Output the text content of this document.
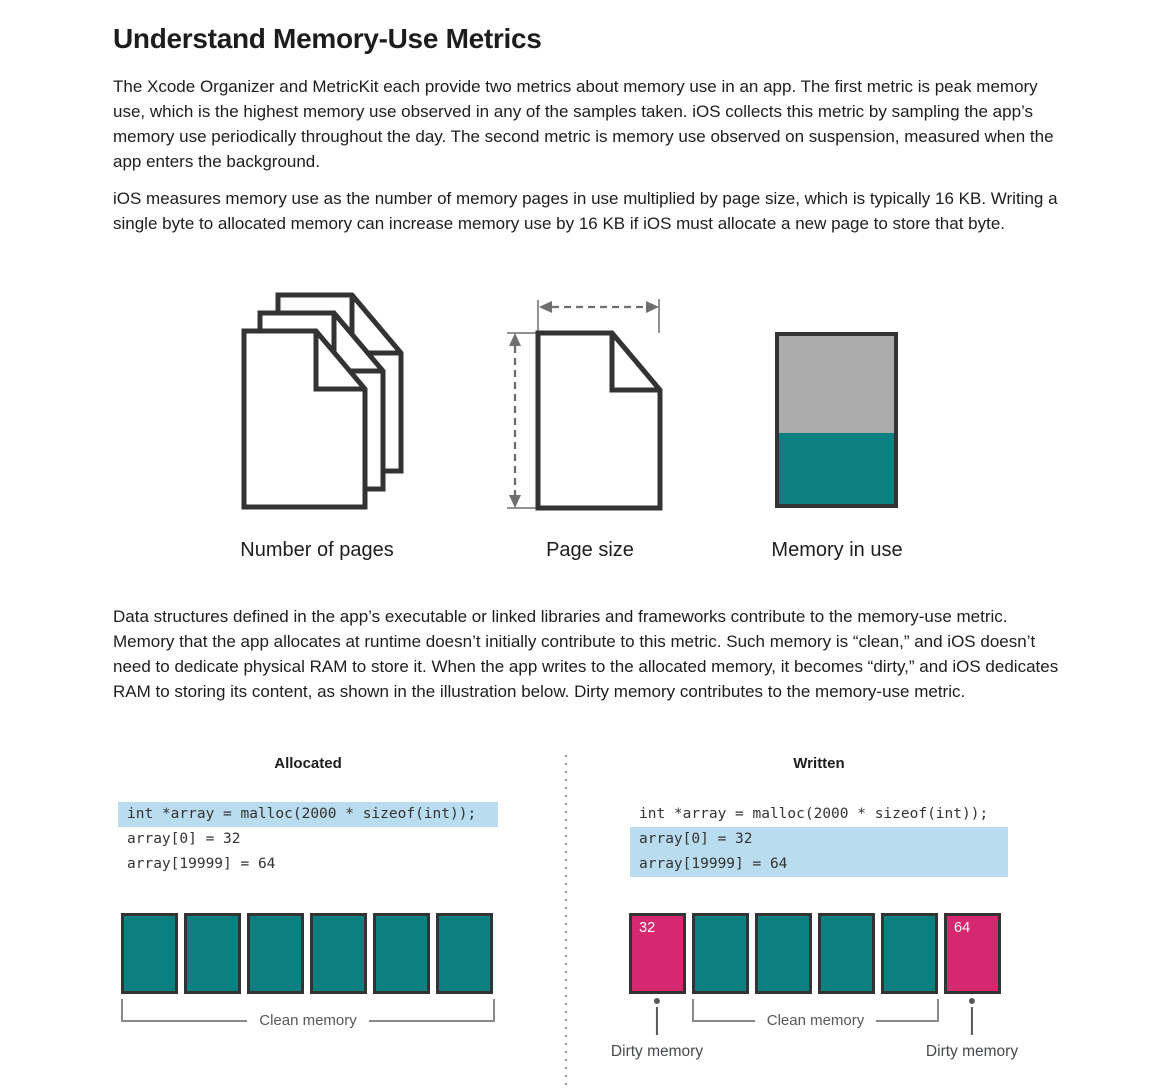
Understand Memory-Use Metrics

The Xcode Organizer and MetricKit each provide two metrics about memory use in an app. The first metric is peak memory use, which is the highest memory use observed in any of the samples taken. iOS collects this metric by sampling the app’s memory use periodically throughout the day. The second metric is memory use observed on suspension, measured when the app enters the background.

iOS measures memory use as the number of memory pages in use multiplied by page size, which is typically 16 KB. Writing a single byte to allocated memory can increase memory use by 16 KB if iOS must allocate a new page to store that byte.

Number of pages	Page size	Memory in use

Data structures defined in the app’s executable or linked libraries and frameworks contribute to the memory-use metric. Memory that the app allocates at runtime doesn’t initially contribute to this metric. Such memory is “clean,” and iOS doesn’t need to dedicate physical RAM to store it. When the app writes to the allocated memory, it becomes “dirty,” and iOS dedicates RAM to storing its content, as shown in the illustration below. Dirty memory contributes to the memory-use metric.

Allocated	Written
int *array = malloc(2000 * sizeof(int));
array[0] = 32
array[19999] = 64
int *array = malloc(2000 * sizeof(int));
array[0] = 32
array[19999] = 64
32	64
Clean memory	Clean memory
Dirty memory	Dirty memory
